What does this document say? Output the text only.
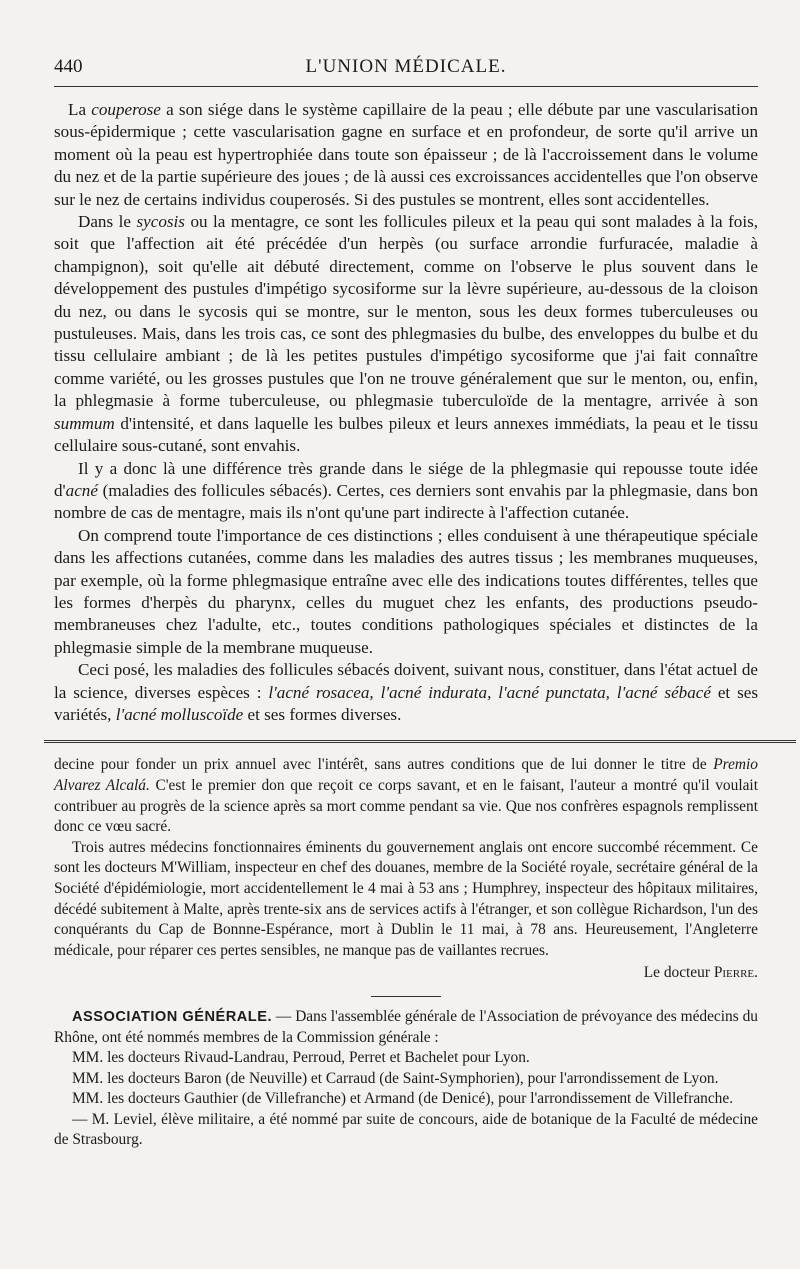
440	L'UNION MÉDICALE.

La couperose a son siége dans le système capillaire de la peau ; elle débute par une vascularisation sous-épidermique ; cette vascularisation gagne en surface et en profondeur, de sorte qu'il arrive un moment où la peau est hypertrophiée dans toute son épaisseur ; de là l'accroissement dans le volume du nez et de la partie supérieure des joues ; de là aussi ces excroissances accidentelles que l'on observe sur le nez de certains individus couperosés. Si des pustules se montrent, elles sont accidentelles.

Dans le sycosis ou la mentagre, ce sont les follicules pileux et la peau qui sont malades à la fois, soit que l'affection ait été précédée d'un herpès (ou surface arrondie furfuracée, maladie à champignon), soit qu'elle ait débuté directement, comme on l'observe le plus souvent dans le développement des pustules d'impétigo sycosiforme sur la lèvre supérieure, au-dessous de la cloison du nez, ou dans le sycosis qui se montre, sur le menton, sous les deux formes tuberculeuses ou pustuleuses. Mais, dans les trois cas, ce sont des phlegmasies du bulbe, des enveloppes du bulbe et du tissu cellulaire ambiant ; de là les petites pustules d'impétigo sycosiforme que j'ai fait connaître comme variété, ou les grosses pustules que l'on ne trouve généralement que sur le menton, ou, enfin, la phlegmasie à forme tuberculeuse, ou phlegmasie tuberculoïde de la mentagre, arrivée à son summum d'intensité, et dans laquelle les bulbes pileux et leurs annexes immédiats, la peau et le tissu cellulaire sous-cutané, sont envahis.

Il y a donc là une différence très grande dans le siége de la phlegmasie qui repousse toute idée d'acné (maladies des follicules sébacés). Certes, ces derniers sont envahis par la phlegmasie, dans bon nombre de cas de mentagre, mais ils n'ont qu'une part indirecte à l'affection cutanée.

On comprend toute l'importance de ces distinctions ; elles conduisent à une thérapeutique spéciale dans les affections cutanées, comme dans les maladies des autres tissus ; les membranes muqueuses, par exemple, où la forme phlegmasique entraîne avec elle des indications toutes différentes, telles que les formes d'herpès du pharynx, celles du muguet chez les enfants, des productions pseudo-membraneuses chez l'adulte, etc., toutes conditions pathologiques spéciales et distinctes de la phlegmasie simple de la membrane muqueuse.

Ceci posé, les maladies des follicules sébacés doivent, suivant nous, constituer, dans l'état actuel de la science, diverses espèces : l'acné rosacea, l'acné indurata, l'acné punctata, l'acné sébacé et ses variétés, l'acné molluscoïde et ses formes diverses.

decine pour fonder un prix annuel avec l'intérêt, sans autres conditions que de lui donner le titre de Premio Alvarez Alcalá. C'est le premier don que reçoit ce corps savant, et en le faisant, l'auteur a montré qu'il voulait contribuer au progrès de la science après sa mort comme pendant sa vie. Que nos confrères espagnols remplissent donc ce vœu sacré.

Trois autres médecins fonctionnaires éminents du gouvernement anglais ont encore succombé récemment. Ce sont les docteurs M'William, inspecteur en chef des douanes, membre de la Société royale, secrétaire général de la Société d'épidémiologie, mort accidentellement le 4 mai à 53 ans ; Humphrey, inspecteur des hôpitaux militaires, décédé subitement à Malte, après trente-six ans de services actifs à l'étranger, et son collègue Richardson, l'un des conquérants du Cap de Bonnne-Espérance, mort à Dublin le 11 mai, à 78 ans. Heureusement, l'Angleterre médicale, pour réparer ces pertes sensibles, ne manque pas de vaillantes recrues.

Le docteur Pierre.

ASSOCIATION GÉNÉRALE. — Dans l'assemblée générale de l'Association de prévoyance des médecins du Rhône, ont été nommés membres de la Commission générale :

MM. les docteurs Rivaud-Landrau, Perroud, Perret et Bachelet pour Lyon.

MM. les docteurs Baron (de Neuville) et Carraud (de Saint-Symphorien), pour l'arrondissement de Lyon.

MM. les docteurs Gauthier (de Villefranche) et Armand (de Denicé), pour l'arrondissement de Villefranche.

— M. Leviel, élève militaire, a été nommé par suite de concours, aide de botanique de la Faculté de médecine de Strasbourg.
